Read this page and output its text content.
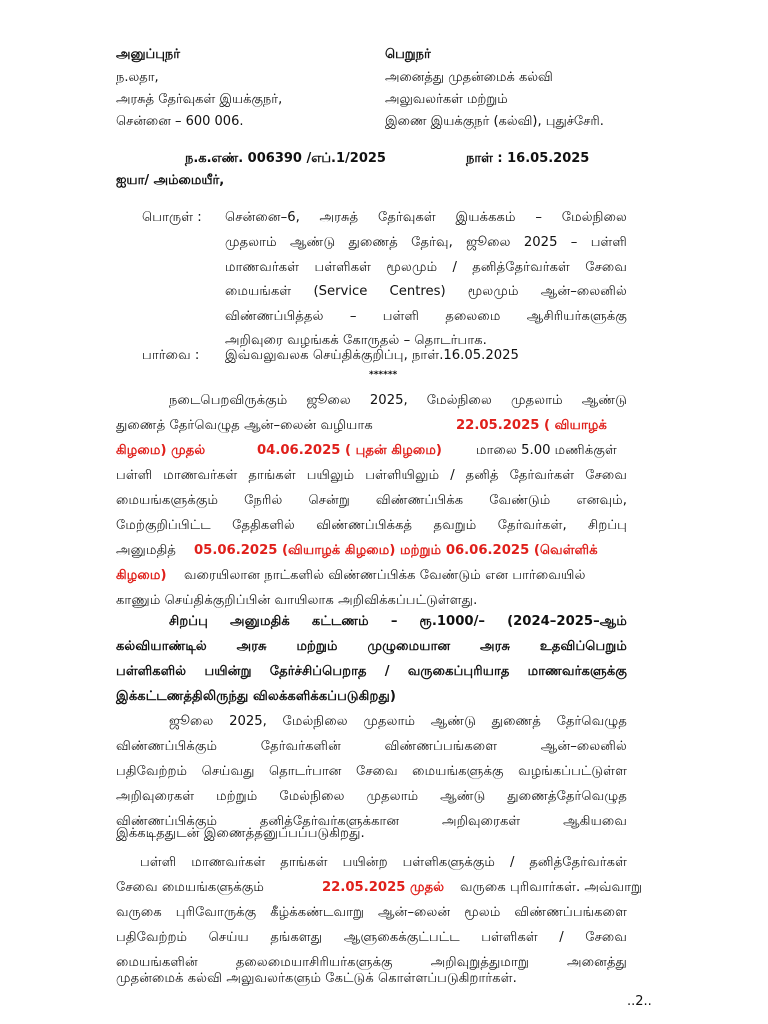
அனுப்புநர்
ந.லதா,
அரசுத் தேர்வுகள் இயக்குநர்,
சென்னை – 600 006.
பெறுநர்
அனைத்து முதன்மைக் கல்வி
அலுவலர்கள் மற்றும்
இணை இயக்குநர் (கல்வி), புதுச்சேரி.
ந.க.எண். 006390 /எப்.1/2025	நாள் : 16.05.2025
ஐயா/ அம்மையீர்,
பொருள் : சென்னை–6, அரசுத் தேர்வுகள் இயக்ககம் – மேல்நிலை
முதலாம் ஆண்டு துணைத் தேர்வு, ஜூலை 2025 – பள்ளி
மாணவர்கள் பள்ளிகள் மூலமும் / தனித்தேர்வர்கள் சேவை
மையங்கள் (Service Centres) மூலமும் ஆன்–லைனில்
விண்ணப்பித்தல் – பள்ளி தலைமை ஆசிரியர்களுக்கு
அறிவுரை வழங்கக் கோருதல் – தொடர்பாக.
பார்வை : இவ்வலுவலக செய்திக்குறிப்பு, நாள்.16.05.2025
******
நடைபெறவிருக்கும் ஜூலை 2025, மேல்நிலை முதலாம் ஆண்டு
துணைத் தேர்வெழுத ஆன்–லைன் வழியாக	22.05.2025 ( வியாழக்
கிழமை) முதல்	04.06.2025 ( புதன் கிழமை)	மாலை 5.00 மணிக்குள்
பள்ளி மாணவர்கள் தாங்கள் பயிலும் பள்ளியிலும் / தனித் தேர்வர்கள் சேவை
மையங்களுக்கும் நேரில் சென்று விண்ணப்பிக்க வேண்டும் எனவும்,
மேற்குறிப்பிட்ட தேதிகளில் விண்ணப்பிக்கத் தவறும் தேர்வர்கள், சிறப்பு
அனுமதித் 05.06.2025 (வியாழக் கிழமை) மற்றும் 06.06.2025 (வெள்ளிக்
கிழமை) வரையிலான நாட்களில் விண்ணப்பிக்க வேண்டும் என பார்வையில்
காணும் செய்திக்குறிப்பின் வாயிலாக அறிவிக்கப்பட்டுள்ளது.
சிறப்பு அனுமதிக் கட்டணம் – ரூ.1000/– (2024–2025–ஆம்
கல்வியாண்டில் அரசு மற்றும் முழுமையான அரசு உதவிப்பெறும்
பள்ளிகளில் பயின்று தேர்ச்சிப்பெறாத / வருகைப்புரியாத மாணவர்களுக்கு
இக்கட்டணத்திலிருந்து விலக்களிக்கப்படுகிறது)
ஜூலை 2025, மேல்நிலை முதலாம் ஆண்டு துணைத் தேர்வெழுத
விண்ணப்பிக்கும் தேர்வர்களின் விண்ணப்பங்களை ஆன்–லைனில்
பதிவேற்றம் செய்வது தொடர்பான சேவை மையங்களுக்கு வழங்கப்பட்டுள்ள
அறிவுரைகள் மற்றும் மேல்நிலை முதலாம் ஆண்டு துணைத்தேர்வெழுத
விண்ணப்பிக்கும் தனித்தேர்வர்களுக்கான அறிவுரைகள் ஆகியவை
இக்கடிததுடன் இணைத்தனுப்பப்படுகிறது.
பள்ளி மாணவர்கள் தாங்கள் பயின்ற பள்ளிகளுக்கும் / தனித்தேர்வர்கள்
சேவை மையங்களுக்கும்	22.05.2025 முதல் வருகை புரிவார்கள். அவ்வாறு
வருகை புரிவோருக்கு கீழ்க்கண்டவாறு ஆன்–லைன் மூலம் விண்ணப்பங்களை
பதிவேற்றம் செய்ய தங்களது ஆளுகைக்குட்பட்ட பள்ளிகள் / சேவை
மையங்களின் தலைமையாசிரியர்களுக்கு அறிவுறுத்துமாறு அனைத்து
முதன்மைக் கல்வி அலுவலர்களும் கேட்டுக் கொள்ளப்படுகிறார்கள்.
..2..
